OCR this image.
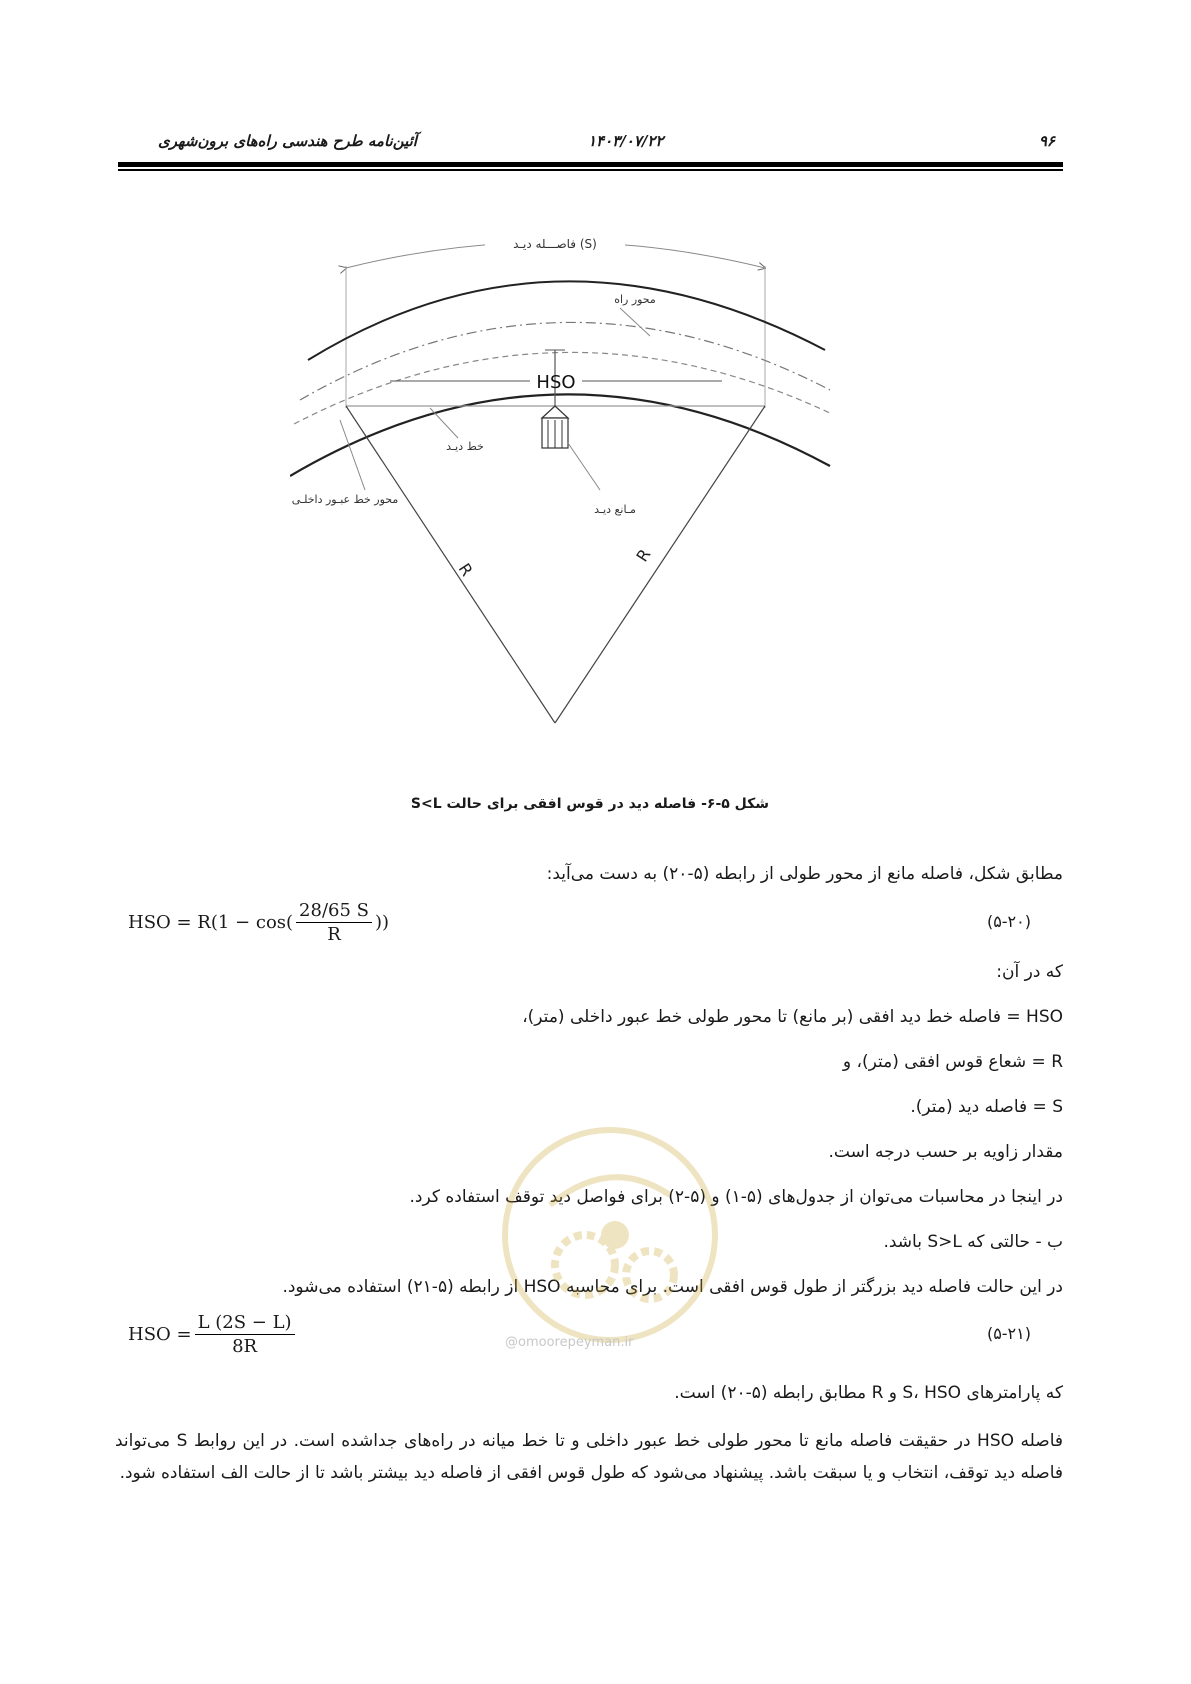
۹۶
۱۴۰۳/۰۷/۲۲
آئین‌نامه طرح هندسی راه‌های برون‌شهری
فاصـــله دیـد (S)
HSO
R
R
محور راه
خط دیـد
محور خط عبـور داخلـی
مـانع دیـد
شکل ۵-۶- فاصله دید در قوس افقی برای حالت S<L
مطابق شکل، فاصله مانع از محور طولی از رابطه (۵-۲۰) به دست می‌آید:
HSO = $R(1 - \cos( \frac{28/65 S}{R}$ ))	(۵-۲۰)
که در آن:
HSO = فاصله خط دید افقی (بر مانع) تا محور طولی خط عبور داخلی (متر)،
R = شعاع قوس افقی (متر)، و
S = فاصله دید (متر).
مقدار زاویه بر حسب درجه است.
در اینجا در محاسبات می‌توان از جدول‌های (۵-۱) و (۵-۲) برای فواصل دید توقف استفاده کرد.
ب - حالتی که S>L باشد.
در این حالت فاصله دید بزرگتر از طول قوس افقی است. برای محاسبه HSO از رابطه (۵-۲۱) استفاده می‌شود.
HSO = $\frac{L (2S - L)}{8R}$	(۵-۲۱)
که پارامترهای S، HSO و R مطابق رابطه (۵-۲۰) است.
فاصله HSO در حقیقت فاصله مانع تا محور طولی خط عبور داخلی و تا خط میانه در راه‌های جداشده است. در این روابط S می‌تواند فاصله دید توقف، انتخاب و یا سبقت باشد. پیشنهاد می‌شود که طول قوس افقی از فاصله دید بیشتر باشد تا از حالت الف استفاده شود.
@omoorepeyman.ir
